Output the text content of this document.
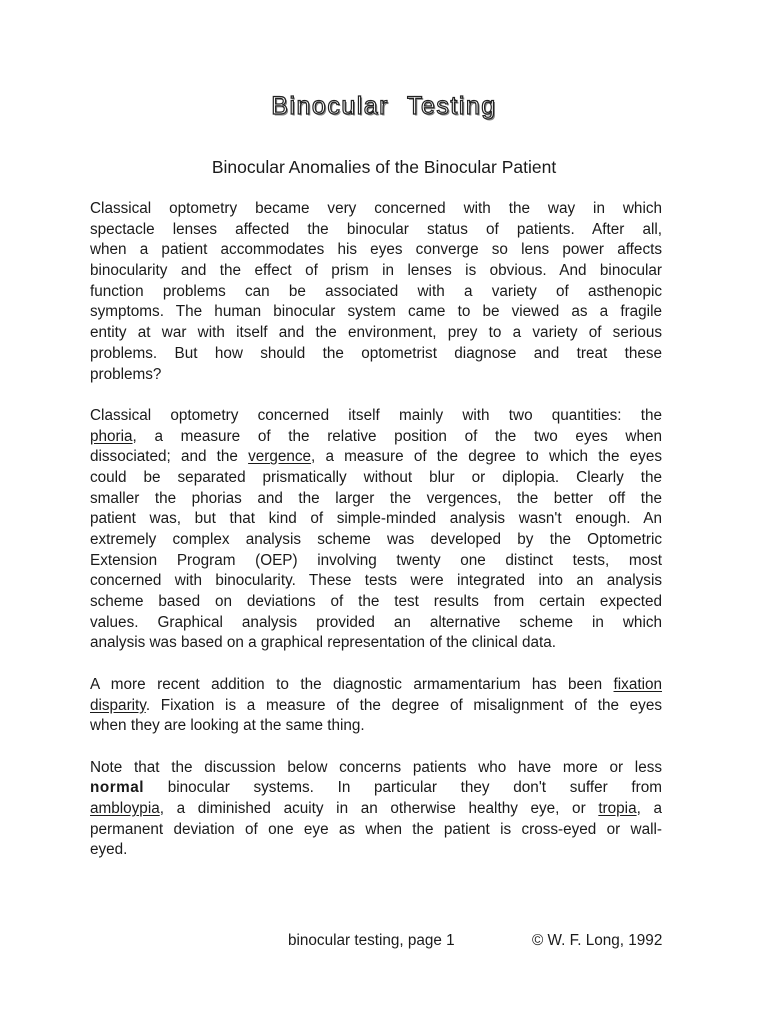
Binocular Testing
Binocular Anomalies of the Binocular Patient
Classical optometry became very concerned with the way in which
spectacle lenses affected the binocular status of patients. After all,
when a patient accommodates his eyes converge so lens power affects
binocularity and the effect of prism in lenses is obvious. And binocular
function problems can be associated with a variety of asthenopic
symptoms. The human binocular system came to be viewed as a fragile
entity at war with itself and the environment, prey to a variety of serious
problems. But how should the optometrist diagnose and treat these
problems?
Classical optometry concerned itself mainly with two quantities: the
phoria, a measure of the relative position of the two eyes when
dissociated; and the vergence, a measure of the degree to which the eyes
could be separated prismatically without blur or diplopia. Clearly the
smaller the phorias and the larger the vergences, the better off the
patient was, but that kind of simple-minded analysis wasn't enough. An
extremely complex analysis scheme was developed by the Optometric
Extension Program (OEP) involving twenty one distinct tests, most
concerned with binocularity. These tests were integrated into an analysis
scheme based on deviations of the test results from certain expected
values. Graphical analysis provided an alternative scheme in which
analysis was based on a graphical representation of the clinical data.
A more recent addition to the diagnostic armamentarium has been fixation
disparity. Fixation is a measure of the degree of misalignment of the eyes
when they are looking at the same thing.
Note that the discussion below concerns patients who have more or less
normal binocular systems. In particular they don't suffer from
ambloypia, a diminished acuity in an otherwise healthy eye, or tropia, a
permanent deviation of one eye as when the patient is cross-eyed or wall-
eyed.
binocular testing, page 1	© W. F. Long, 1992
